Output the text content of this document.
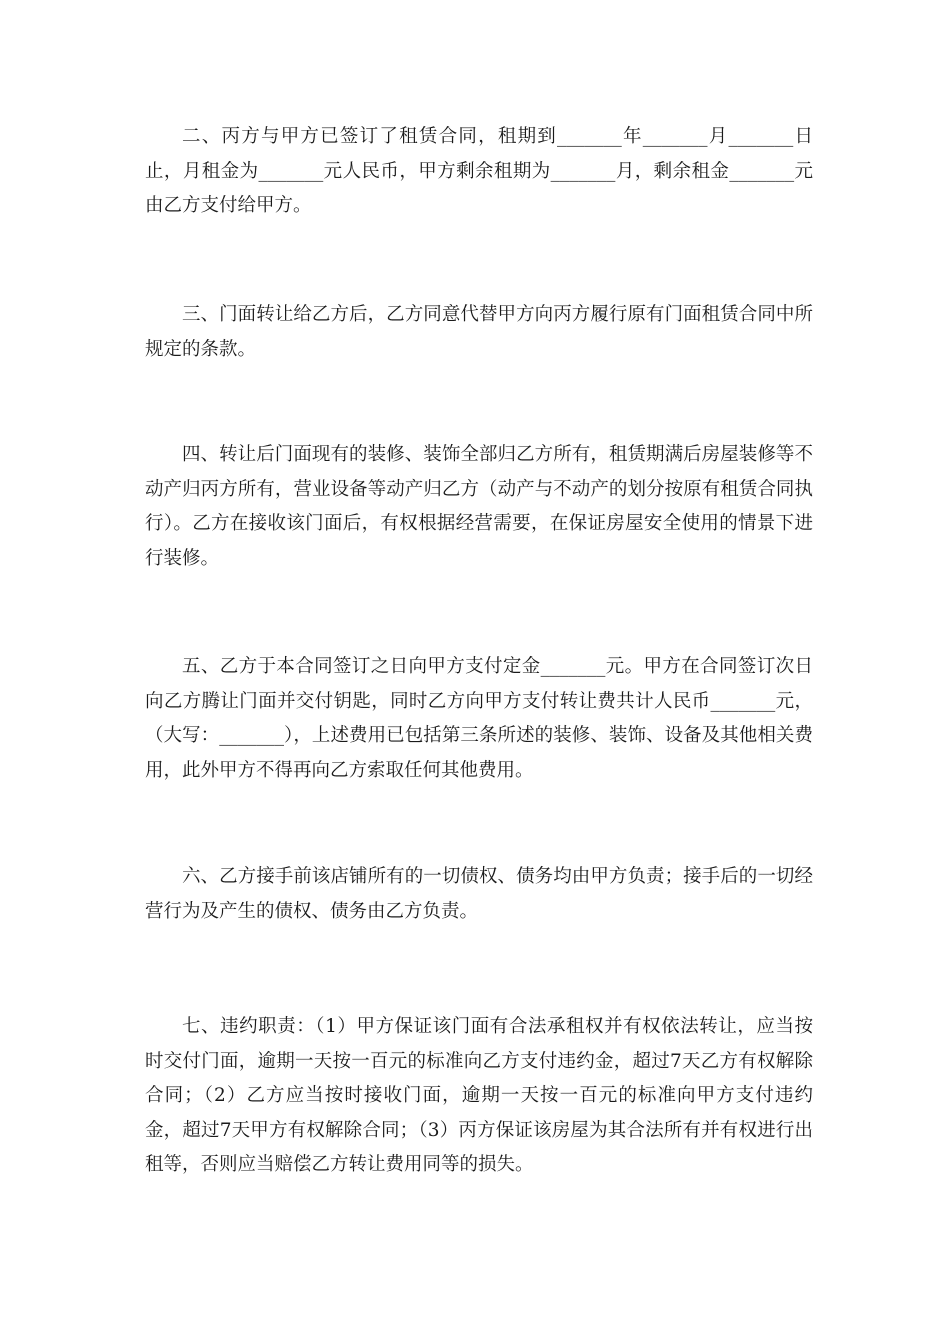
二、丙方与甲方已签订了租赁合同，租期到_______年_______月_______日止，月租金为_______元人民币，甲方剩余租期为_______月，剩余租金_______元由乙方支付给甲方。

三、门面转让给乙方后，乙方同意代替甲方向丙方履行原有门面租赁合同中所规定的条款。

四、转让后门面现有的装修、装饰全部归乙方所有，租赁期满后房屋装修等不动产归丙方所有，营业设备等动产归乙方（动产与不动产的划分按原有租赁合同执行）。乙方在接收该门面后，有权根据经营需要，在保证房屋安全使用的情景下进行装修。

五、乙方于本合同签订之日向甲方支付定金_______元。甲方在合同签订次日向乙方腾让门面并交付钥匙，同时乙方向甲方支付转让费共计人民币_______元，（大写：_______），上述费用已包括第三条所述的装修、装饰、设备及其他相关费用，此外甲方不得再向乙方索取任何其他费用。

六、乙方接手前该店铺所有的一切债权、债务均由甲方负责；接手后的一切经营行为及产生的债权、债务由乙方负责。

七、违约职责：（1）甲方保证该门面有合法承租权并有权依法转让，应当按时交付门面，逾期一天按一百元的标准向乙方支付违约金，超过7天乙方有权解除合同；（2）乙方应当按时接收门面，逾期一天按一百元的标准向甲方支付违约金，超过7天甲方有权解除合同；（3）丙方保证该房屋为其合法所有并有权进行出租等，否则应当赔偿乙方转让费用同等的损失。
